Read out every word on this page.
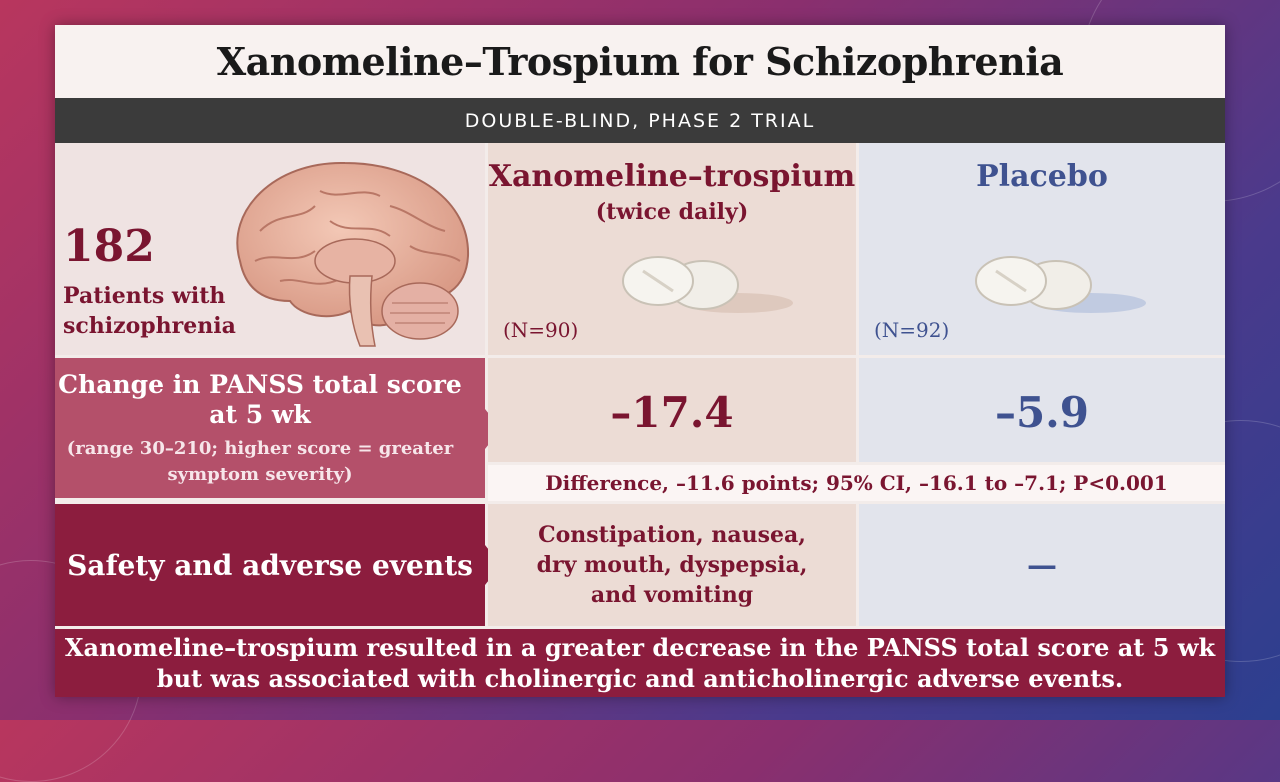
Xanomeline–Trospium for Schizophrenia
DOUBLE-BLIND, PHASE 2 TRIAL
182
Patients with schizophrenia
Xanomeline–trospium
(twice daily)
(N=90)
Placebo
(N=92)
Change in PANSS total score at 5 wk
(range 30–210; higher score = greater symptom severity)
–17.4	–5.9
Difference, –11.6 points; 95% CI, –16.1 to –7.1; P<0.001
Safety and adverse events
Constipation, nausea, dry mouth, dyspepsia, and vomiting
—
Xanomeline–trospium resulted in a greater decrease in the PANSS total score at 5 wk
but was associated with cholinergic and anticholinergic adverse events.
